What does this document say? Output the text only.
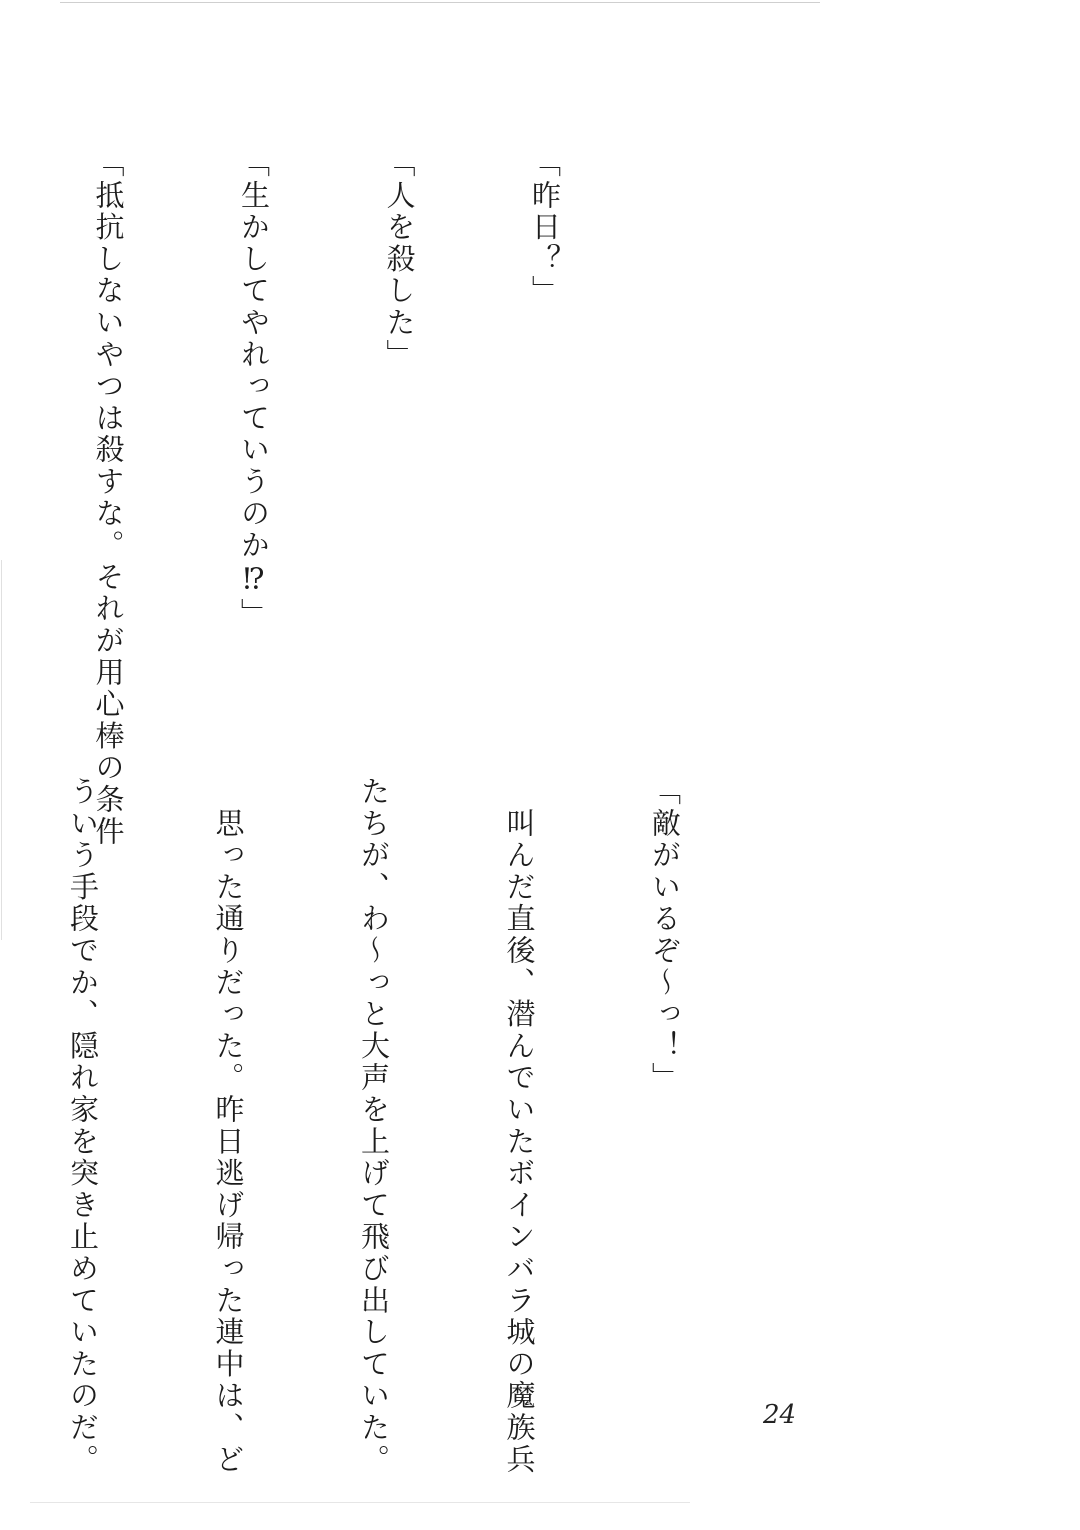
「昨日？」

「人を殺した」

「生かしてやれっていうのか⁉」

「抵抗しないやつは殺すな。それが用心棒の条件

「敵がいるぞ～っ！」

　叫んだ直後、潜んでいたボインバラ城の魔族兵

たちが、わ～っと大声を上げて飛び出していた。

　思った通りだった。昨日逃げ帰った連中は、ど

ういう手段でか、隠れ家を突き止めていたのだ。

	24
